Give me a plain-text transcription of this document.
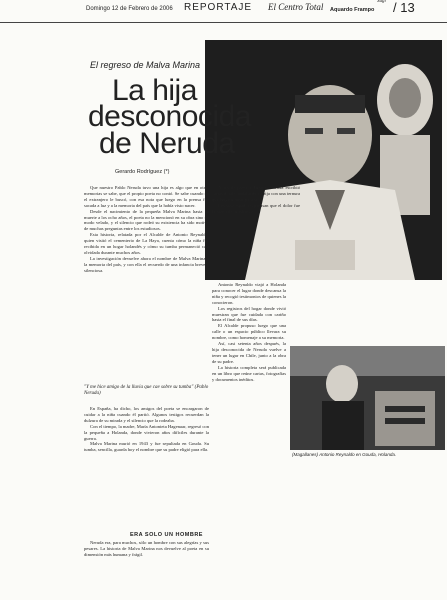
Domingo 12 de Febrero de 2006 REPORTAJE El Centro Total
Sugl
Aquardo Frampo / 13
(Magallanes) Antonio Reynaldo en Gouda, Holanda.
El regreso de Malva Marina
La hija
desconocida
de Neruda
Gerardo Rodríguez (*)

Que nuestro Pablo Neruda tuvo una hija es algo que en otras memorias se sabe, que el propio poeta no contó. Se sabe cuando en el extranjero le buscó, con esa nota que luego en la prensa fue sacada a luz y a la memoria del país que la había visto nacer.

Desde el nacimiento de la pequeña Malva Marina hasta su muerte a los ocho años, el poeta no la mencionó en su obra sino de modo velado, y el silencio que rodeó su existencia ha sido motivo de muchas preguntas entre los estudiosos.

Esta historia, relatada por el Alcalde de Antonio Reynaldo, quien visitó el cementerio de La Haya, cuenta cómo la niña fue recibida en un hogar holandés y cómo su tumba permaneció casi olvidada durante muchos años.

La investigación devuelve ahora el nombre de Malva Marina a la memoria del país, y con ella el recuerdo de una infancia breve y silenciosa.

"Y me hice amigo de la lluvia que cae sobre su tumba" (Pablo Neruda)

En España, ha dicho, los amigos del poeta se encargaron de cuidar a la niña cuando él partió. Algunos testigos recuerdan la dulzura de su mirada y el silencio que la rodeaba.

Con el tiempo, la madre, María Antonieta Hagenaar, regresó con la pequeña a Holanda, donde vivieron años difíciles durante la guerra.

Malva Marina murió en 1943 y fue sepultada en Gouda. Su tumba, sencilla, guarda hoy el nombre que su padre eligió para ella.

Antes de partir a Europa, Neruda escribió cartas donde hablaba de su hija con una ternura que luego guardó para sí.

Los investigadores piensan que el dolor fue la razón de su silencio.

Antonio Reynaldo viajó a Holanda para conocer el lugar donde descansa la niña y recogió testimonios de quienes la conocieron.

Los registros del hogar donde vivió muestran que fue cuidada con cariño hasta el final de sus días.

El Alcalde propuso luego que una calle o un espacio público llevara su nombre, como homenaje a su memoria.

Así, casi setenta años después, la hija desconocida de Neruda vuelve a tener un lugar en Chile, junto a la obra de su padre.

La historia completa será publicada en un libro que reúne cartas, fotografías y documentos inéditos.

ERA SOLO UN HOMBRE

Neruda era, para muchos, sólo un hombre con sus alegrías y sus pesares. La historia de Malva Marina nos devuelve al poeta en su dimensión más humana y frágil.
